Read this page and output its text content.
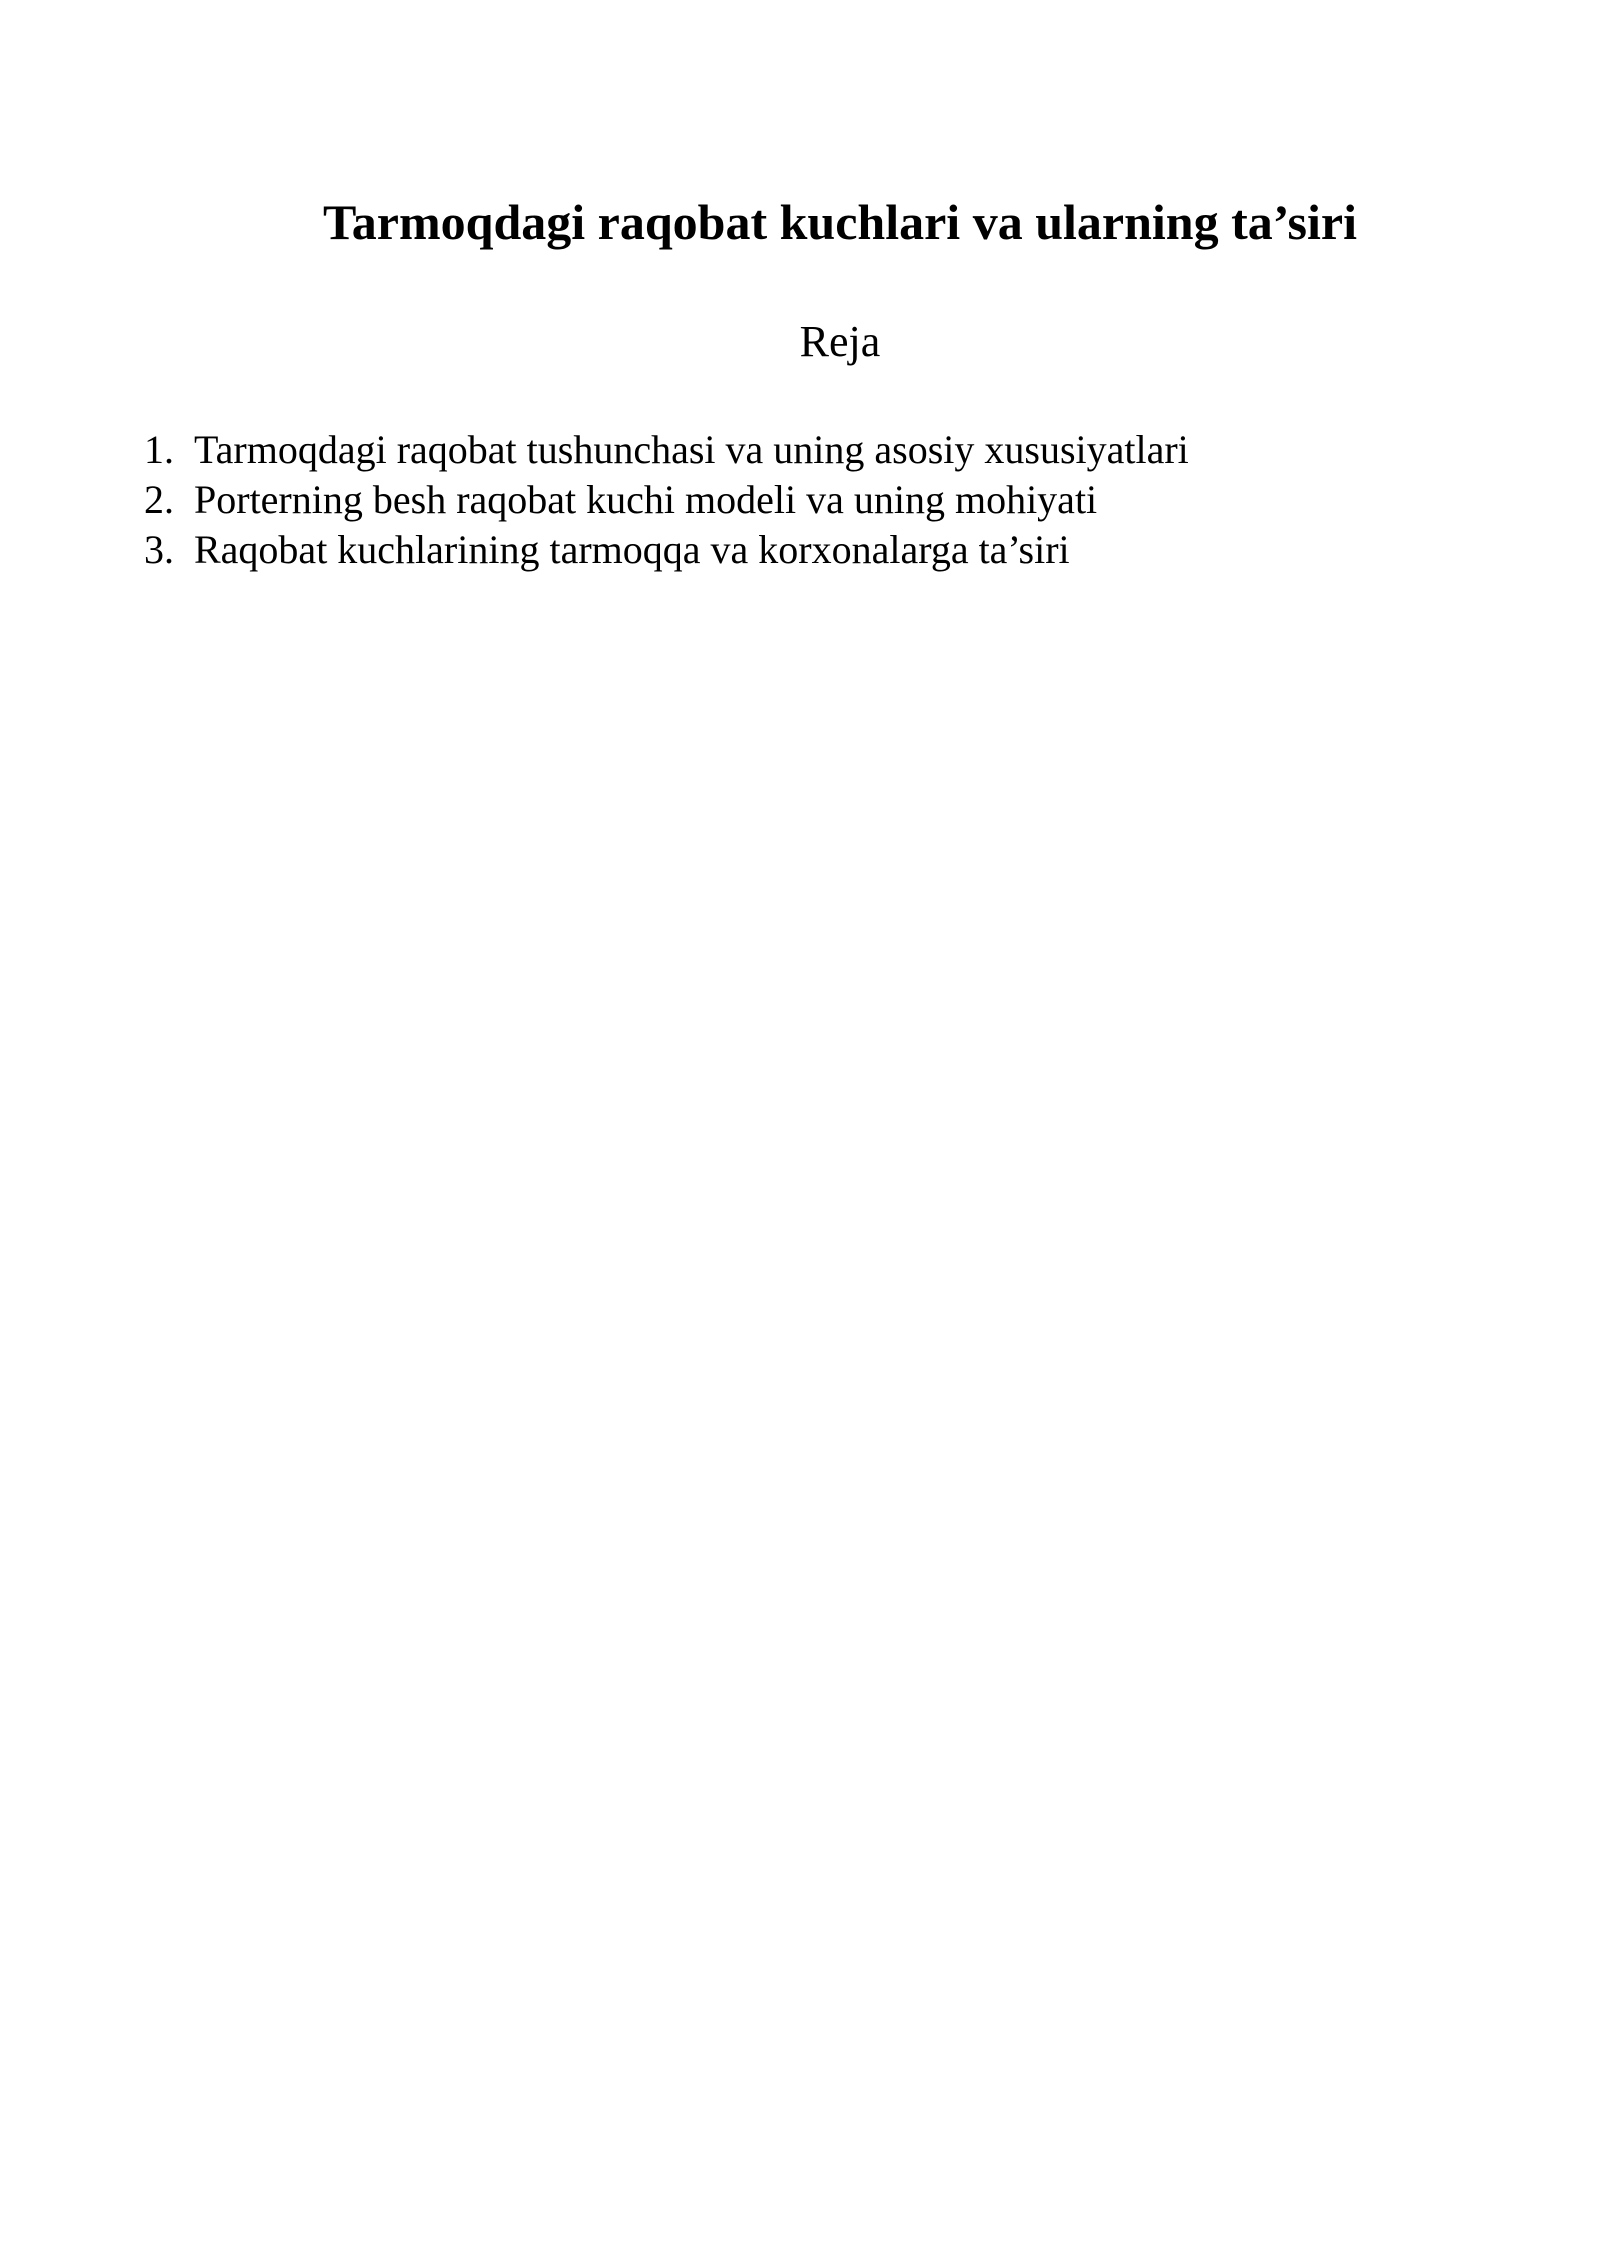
Tarmoqdagi raqobat kuchlari va ularning ta’siri
Reja
1. Tarmoqdagi raqobat tushunchasi va uning asosiy xususiyatlari
2. Porterning besh raqobat kuchi modeli va uning mohiyati
3. Raqobat kuchlarining tarmoqqa va korxonalarga ta’siri
